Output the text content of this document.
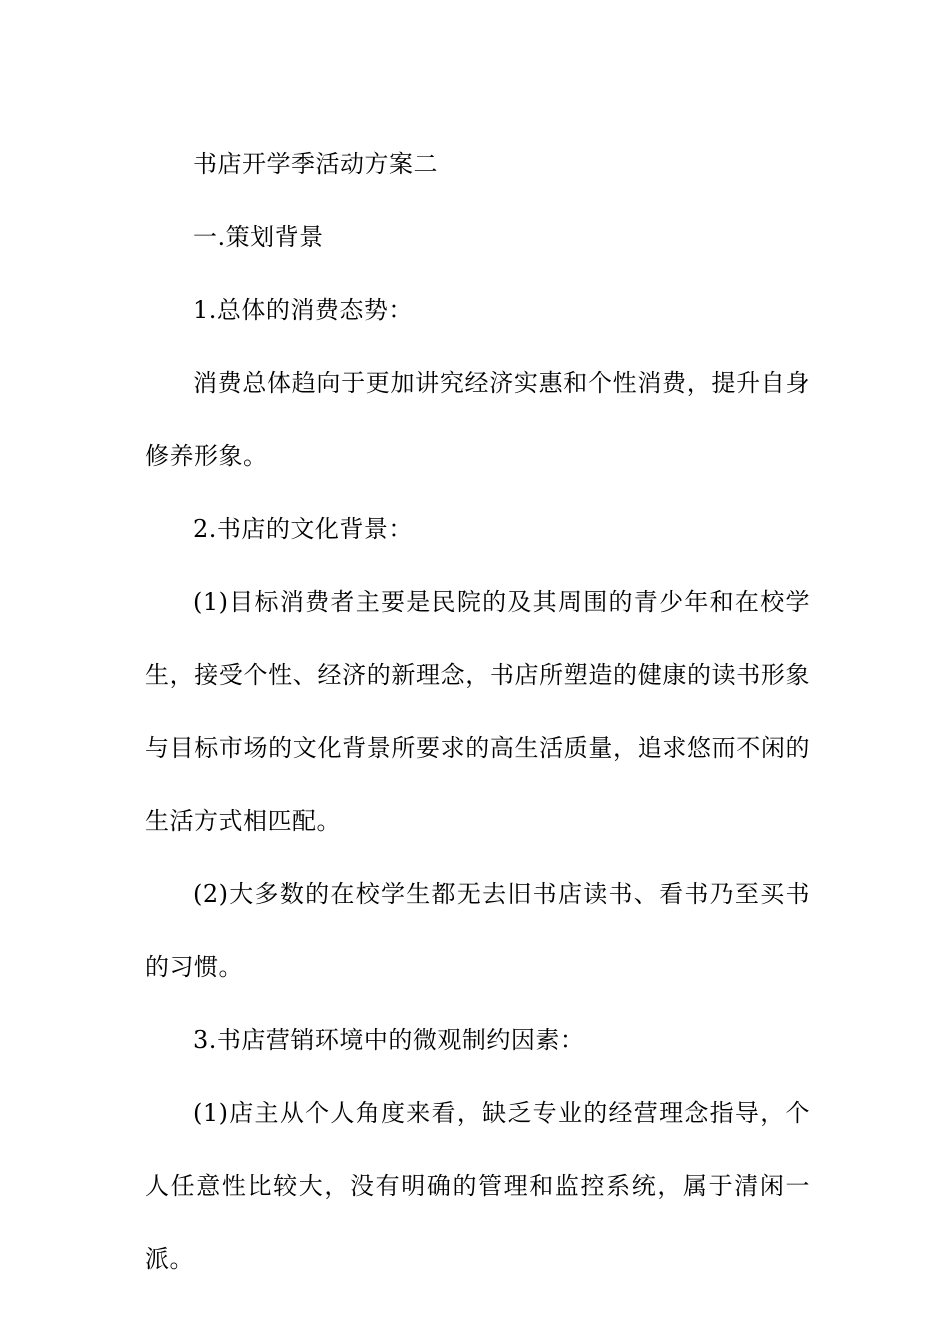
书店开学季活动方案二

一.策划背景

1.总体的消费态势：

消费总体趋向于更加讲究经济实惠和个性消费，提升自身修养形象。

2.书店的文化背景：

(1)目标消费者主要是民院的及其周围的青少年和在校学生，接受个性、经济的新理念，书店所塑造的健康的读书形象与目标市场的文化背景所要求的高生活质量，追求悠而不闲的生活方式相匹配。

(2)大多数的在校学生都无去旧书店读书、看书乃至买书的习惯。

3.书店营销环境中的微观制约因素：

(1)店主从个人角度来看，缺乏专业的经营理念指导，个人任意性比较大，没有明确的管理和监控系统，属于清闲一派。
